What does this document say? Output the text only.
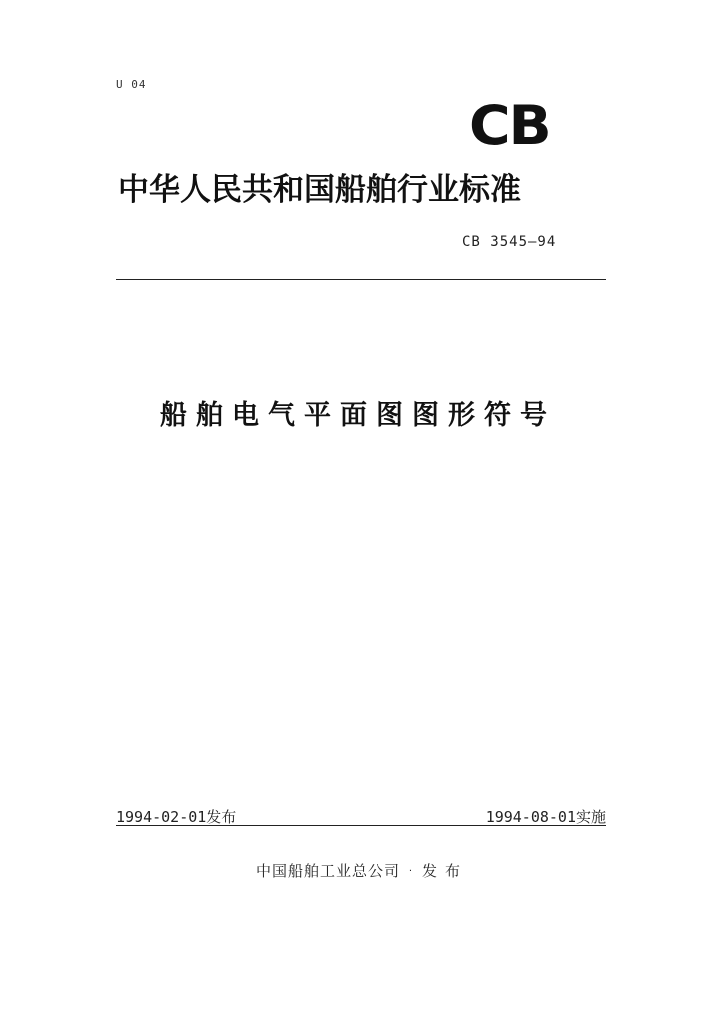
U 04
CB
中华人民共和国船舶行业标准
CB 3545—94
船舶电气平面图图形符号
1994-02-01发布	1994-08-01实施
中国船舶工业总公司 · 发布
